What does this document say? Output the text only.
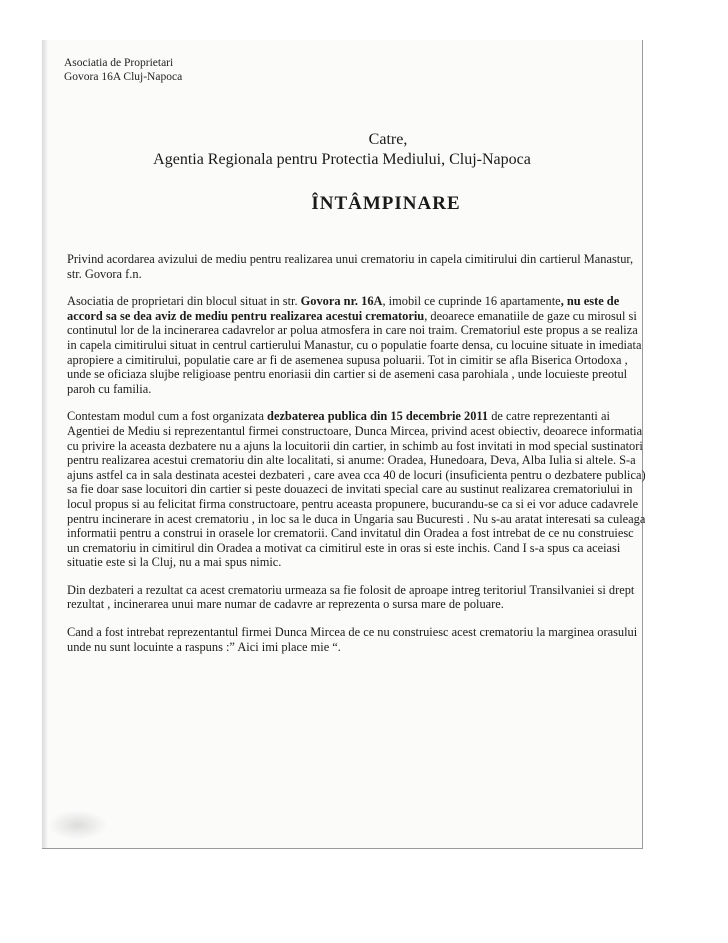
Asociatia de Proprietari
Govora 16A Cluj-Napoca
Catre,
Agentia Regionala pentru Protectia Mediului, Cluj-Napoca
ÎNTÂMPINARE

Privind acordarea avizului de mediu pentru realizarea unui crematoriu in capela cimitirului din cartierul Manastur, str. Govora f.n.

Asociatia de proprietari din blocul situat in str. Govora nr. 16A, imobil ce cuprinde 16 apartamente, nu este de accord sa se dea aviz de mediu pentru realizarea acestui crematoriu, deoarece emanatiile de gaze cu mirosul si continutul lor de la incinerarea cadavrelor ar polua atmosfera in care noi traim. Crematoriul este propus a se realiza in capela cimitirului situat in centrul cartierului Manastur, cu o populatie foarte densa, cu locuine situate in imediata apropiere a cimitirului, populatie care ar fi de asemenea supusa poluarii. Tot in cimitir se afla Biserica Ortodoxa , unde se oficiaza slujbe religioase pentru enoriasii din cartier si de asemeni casa parohiala , unde locuieste preotul paroh cu familia.

Contestam modul cum a fost organizata dezbaterea publica din 15 decembrie 2011 de catre reprezentanti ai Agentiei de Mediu si reprezentantul firmei constructoare, Dunca Mircea, privind acest obiectiv, deoarece informatia cu privire la aceasta dezbatere nu a ajuns la locuitorii din cartier, in schimb au fost invitati in mod special sustinatori pentru realizarea acestui crematoriu din alte localitati, si anume: Oradea, Hunedoara, Deva, Alba Iulia si altele. S-a ajuns astfel ca in sala destinata acestei dezbateri , care avea cca 40 de locuri (insuficienta pentru o dezbatere publica) sa fie doar sase locuitori din cartier si peste douazeci de invitati special care au sustinut realizarea crematoriului in locul propus si au felicitat firma constructoare, pentru aceasta propunere, bucurandu-se ca si ei vor aduce cadavrele pentru incinerare in acest crematoriu , in loc sa le duca in Ungaria sau Bucuresti . Nu s-au aratat interesati sa culeaga informatii pentru a construi in orasele lor crematorii. Cand invitatul din Oradea a fost intrebat de ce nu construiesc un crematoriu in cimitirul din Oradea a motivat ca cimitirul este in oras si este inchis. Cand I s-a spus ca aceiasi situatie este si la Cluj, nu a mai spus nimic.

Din dezbateri a rezultat ca acest crematoriu urmeaza sa fie folosit de aproape intreg teritoriul Transilvaniei si drept rezultat , incinerarea unui mare numar de cadavre ar reprezenta o sursa mare de poluare.

Cand a fost intrebat reprezentantul firmei Dunca Mircea de ce nu construiesc acest crematoriu la marginea orasului unde nu sunt locuinte a raspuns :” Aici imi place mie “.
